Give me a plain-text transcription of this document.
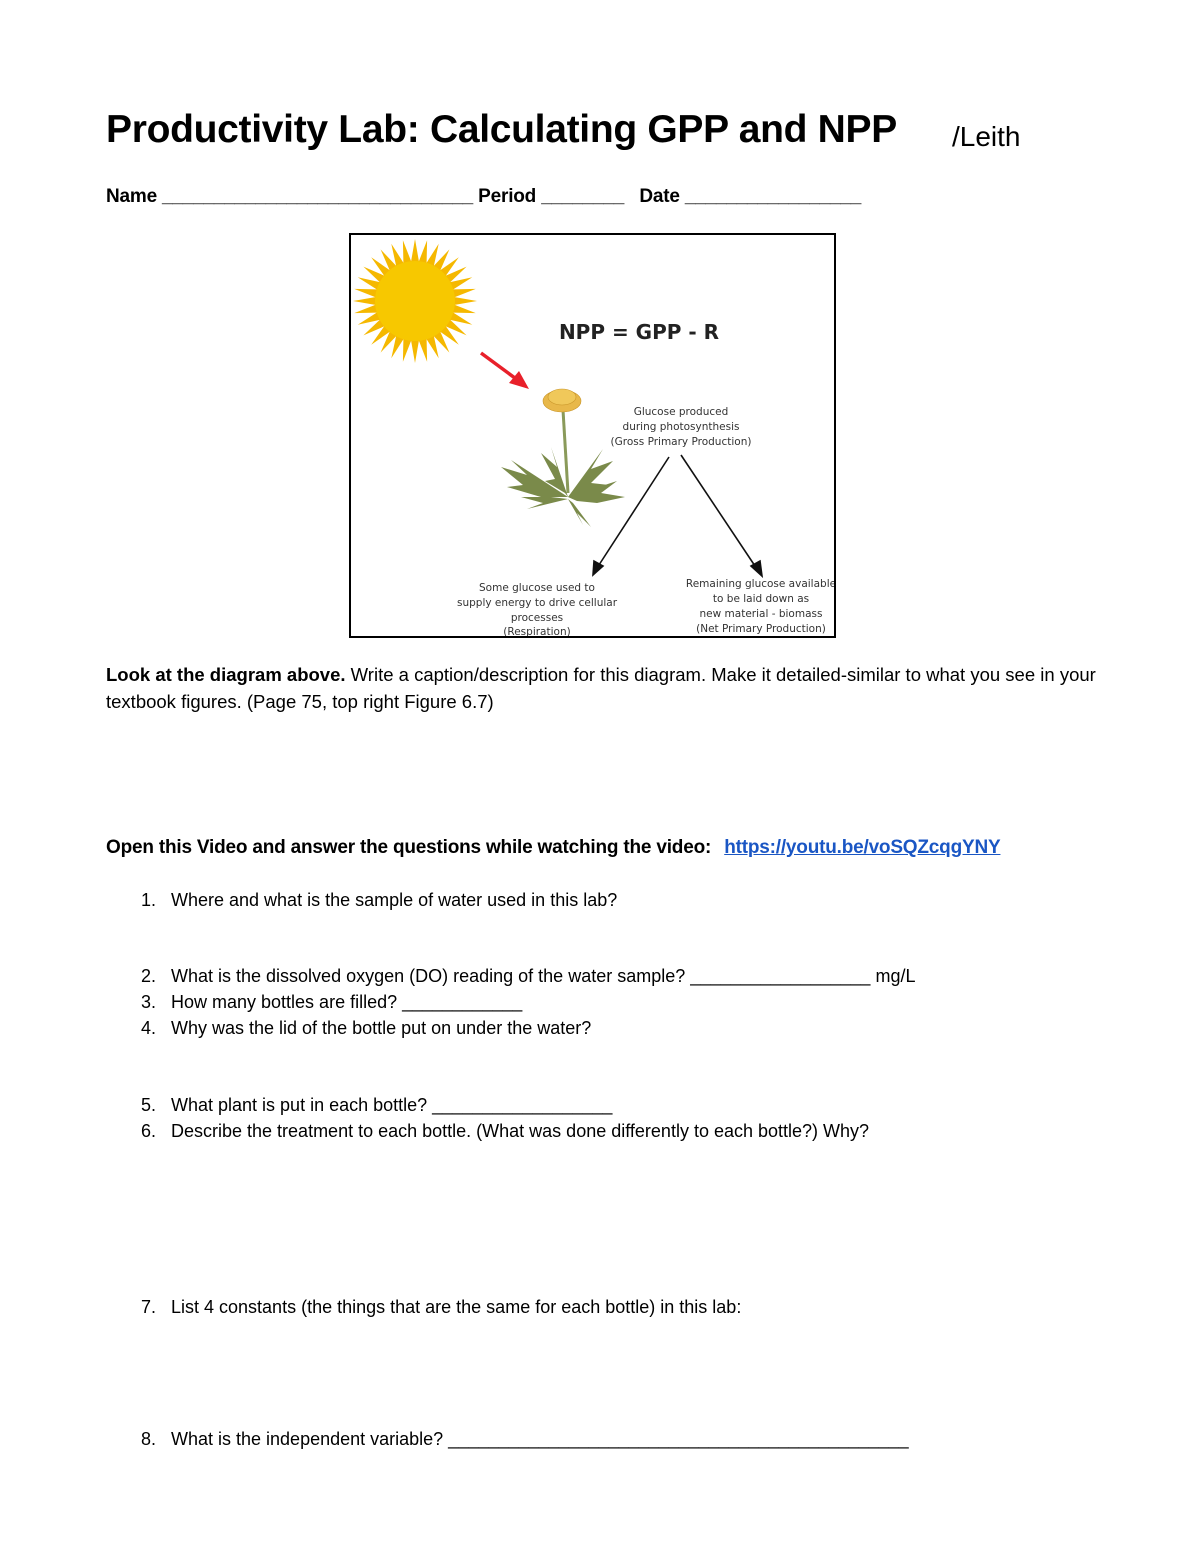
Productivity Lab: Calculating GPP and NPP /Leith
Name ______________________________ Period ________ Date _________________
NPP = GPP - R
Glucose produced
during photosynthesis
(Gross Primary Production)
Some glucose used to
supply energy to drive cellular
processes
(Respiration)
Remaining glucose available
to be laid down as
new material - biomass
(Net Primary Production)
Look at the diagram above. Write a caption/description for this diagram. Make it detailed-similar to what you see in your textbook figures. (Page 75, top right Figure 6.7)
Open this Video and answer the questions while watching the video: https://youtu.be/voSQZcqgYNY
1. Where and what is the sample of water used in this lab?
2. What is the dissolved oxygen (DO) reading of the water sample? __________________ mg/L
3. How many bottles are filled? ____________
4. Why was the lid of the bottle put on under the water?
5. What plant is put in each bottle? __________________
6. Describe the treatment to each bottle. (What was done differently to each bottle?) Why?
7. List 4 constants (the things that are the same for each bottle) in this lab:
8. What is the independent variable? ______________________________________________
